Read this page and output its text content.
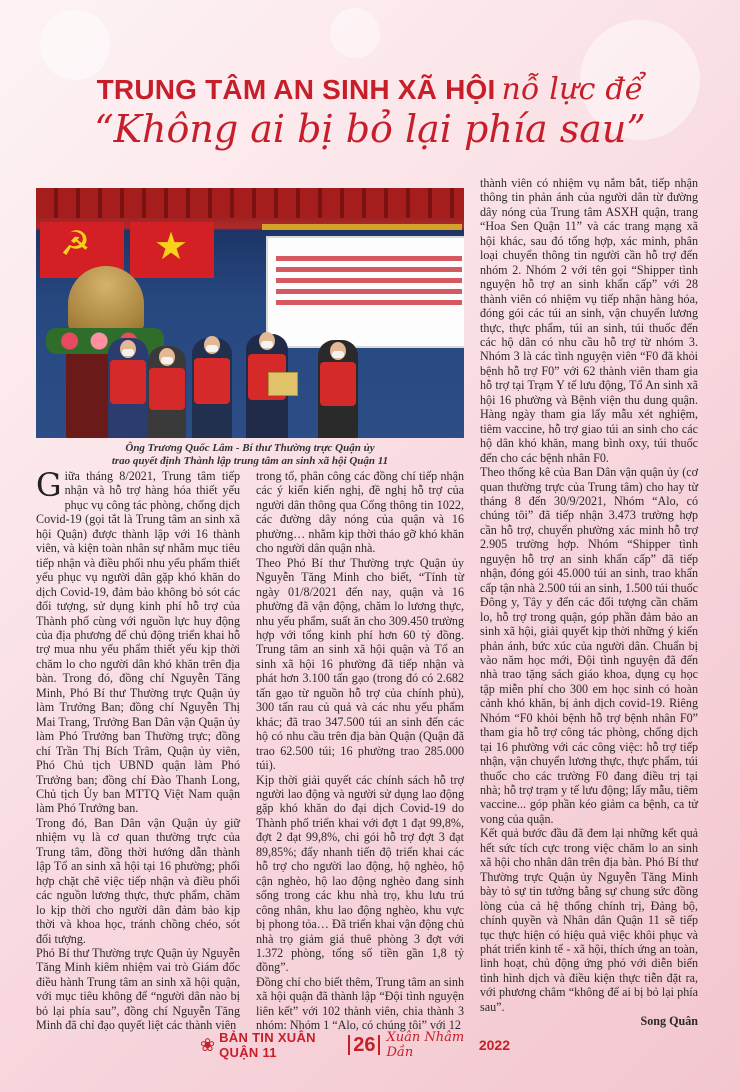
TRUNG TÂM AN SINH XÃ HỘI nỗ lực để
“Không ai bị bỏ lại phía sau”
☭ ★
Ông Trương Quốc Lâm - Bí thư Thường trực Quận ủy
trao quyết định Thành lập trung tâm an sinh xã hội Quận 11

Giữa tháng 8/2021, Trung tâm tiếp nhận và hỗ trợ hàng hóa thiết yếu phục vụ công tác phòng, chống dịch Covid-19 (gọi tắt là Trung tâm an sinh xã hội Quận) được thành lập với 16 thành viên, và kiện toàn nhân sự nhằm mục tiêu tiếp nhận và điều phối nhu yếu phẩm thiết yếu phục vụ người dân gặp khó khăn do dịch Covid-19, đảm bảo không bỏ sót các đối tượng, sử dụng kinh phí hỗ trợ của Thành phố cùng với nguồn lực huy động của địa phương để chủ động triển khai hỗ trợ mua nhu yếu phẩm thiết yếu kịp thời chăm lo cho người dân khó khăn trên địa bàn. Trong đó, đồng chí Nguyễn Tăng Minh, Phó Bí thư Thường trực Quận ủy làm Trưởng Ban; đồng chí Nguyễn Thị Mai Trang, Trưởng Ban Dân vận Quận ủy làm Phó Trưởng ban Thường trực; đồng chí Trần Thị Bích Trâm, Quận ủy viên, Phó Chủ tịch UBND quận làm Phó Trưởng ban; đồng chí Đào Thanh Long, Chủ tịch Ủy ban MTTQ Việt Nam quận làm Phó Trưởng ban.

Trong đó, Ban Dân vận Quận ủy giữ nhiệm vụ là cơ quan thường trực của Trung tâm, đồng thời hướng dẫn thành lập Tổ an sinh xã hội tại 16 phường; phối hợp chặt chẽ việc tiếp nhận và điều phối các nguồn lương thực, thực phẩm, chăm lo kịp thời cho người dân đảm bảo kịp thời và khoa học, tránh chồng chéo, sót đối tượng.

Phó Bí thư Thường trực Quận ủy Nguyễn Tăng Minh kiêm nhiệm vai trò Giám đốc điều hành Trung tâm an sinh xã hội quận, với mục tiêu không để “người dân nào bị bỏ lại phía sau”, đồng chí Nguyễn Tăng Minh đã chỉ đạo quyết liệt các thành viên

trong tổ, phân công các đồng chí tiếp nhận các ý kiến kiến nghị, đề nghị hỗ trợ của người dân thông qua Cổng thông tin 1022, các đường dây nóng của quận và 16 phường… nhằm kịp thời tháo gỡ khó khăn cho người dân quận nhà.

Theo Phó Bí thư Thường trực Quận ủy Nguyễn Tăng Minh cho biết, “Tính từ ngày 01/8/2021 đến nay, quận và 16 phường đã vận động, chăm lo lương thực, nhu yếu phẩm, suất ăn cho 309.450 trường hợp với tổng kinh phí hơn 60 tỷ đồng. Trung tâm an sinh xã hội quận và Tổ an sinh xã hội 16 phường đã tiếp nhận và phát hơn 3.100 tấn gạo (trong đó có 2.682 tấn gạo từ nguồn hỗ trợ của chính phủ), 300 tấn rau củ quả và các nhu yếu phẩm khác; đã trao 347.500 túi an sinh đến các hộ có nhu cầu trên địa bàn Quận (Quận đã trao 62.500 túi; 16 phường trao 285.000 túi).

Kịp thời giải quyết các chính sách hỗ trợ người lao động và người sử dụng lao động gặp khó khăn do đại dịch Covid-19 do Thành phố triển khai với đợt 1 đạt 99,8%, đợt 2 đạt 99,8%, chi gói hỗ trợ đợt 3 đạt 89,85%; đẩy nhanh tiến độ triển khai các hỗ trợ cho người lao động, hộ nghèo, hộ cận nghèo, hộ lao động nghèo đang sinh sống trong các khu nhà trọ, khu lưu trú công nhân, khu lao động nghèo, khu vực bị phong tỏa… Đã triển khai vận động chủ nhà trọ giảm giá thuê phòng 3 đợt với 1.372 phòng, tổng số tiền gần 1,8 tỷ đồng”.

Đồng chí cho biết thêm, Trung tâm an sinh xã hội quận đã thành lập “Đội tình nguyện liên kết” với 102 thành viên, chia thành 3 nhóm: Nhóm 1 “Alo, có chúng tôi” với 12

thành viên có nhiệm vụ nắm bắt, tiếp nhận thông tin phản ánh của người dân từ đường dây nóng của Trung tâm ASXH quận, trang “Hoa Sen Quận 11” và các trang mạng xã hội khác, sau đó tổng hợp, xác minh, phân loại chuyển thông tin người cần hỗ trợ đến nhóm 2. Nhóm 2 với tên gọi “Shipper tình nguyện hỗ trợ an sinh khẩn cấp” với 28 thành viên có nhiệm vụ tiếp nhận hàng hóa, đóng gói các túi an sinh, vận chuyển lương thực, thực phẩm, túi an sinh, túi thuốc đến các hộ dân có nhu cầu hỗ trợ từ nhóm 3. Nhóm 3 là các tình nguyện viên “F0 đã khỏi bệnh hỗ trợ F0” với 62 thành viên tham gia hỗ trợ tại Trạm Y tế lưu động, Tổ An sinh xã hội 16 phường và Bệnh viện thu dung quận. Hàng ngày tham gia lấy mẫu xét nghiệm, tiêm vaccine, hỗ trợ giao túi an sinh cho các hộ dân khó khăn, mang bình oxy, túi thuốc đến cho các bệnh nhân F0.

Theo thống kê của Ban Dân vận quận ủy (cơ quan thường trực của Trung tâm) cho hay từ tháng 8 đến 30/9/2021, Nhóm “Alo, có chúng tôi” đã tiếp nhận 3.473 trường hợp cần hỗ trợ, chuyển phường xác minh hỗ trợ 2.905 trường hợp. Nhóm “Shipper tình nguyện hỗ trợ an sinh khẩn cấp” đã tiếp nhận, đóng gói 45.000 túi an sinh, trao khẩn cấp tận nhà 2.500 túi an sinh, 1.500 túi thuốc Đông y, Tây y đến các đối tượng cần chăm lo, hỗ trợ trong quận, góp phần đảm bảo an sinh xã hội, giải quyết kịp thời những ý kiến phản ánh, bức xúc của người dân. Chuẩn bị vào năm học mới, Đội tình nguyện đã đến nhà trao tặng sách giáo khoa, dụng cụ học tập miễn phí cho 300 em học sinh có hoàn cảnh khó khăn, bị ảnh dịch covid-19. Riêng Nhóm “F0 khỏi bệnh hỗ trợ bệnh nhân F0” tham gia hỗ trợ công tác phòng, chống dịch tại 16 phường với các công việc: hỗ trợ tiếp nhận, vận chuyển lương thực, thực phẩm, túi thuốc cho các trường F0 đang điều trị tại nhà; hỗ trợ trạm y tế lưu động; lấy mẫu, tiêm vaccine... góp phần kéo giảm ca bệnh, ca tử vong của quận.

Kết quả bước đầu đã đem lại những kết quả hết sức tích cực trong việc chăm lo an sinh xã hội cho nhân dân trên địa bàn. Phó Bí thư Thường trực Quận ủy Nguyễn Tăng Minh bày tỏ sự tin tưởng bằng sự chung sức đồng lòng của cả hệ thống chính trị, Đảng bộ, chính quyền và Nhân dân Quận 11 sẽ tiếp tục thực hiện có hiệu quả việc khôi phục và phát triển kinh tế - xã hội, thích ứng an toàn, linh hoạt, chủ động ứng phó với diễn biến tình hình dịch và điều kiện thực tiễn đặt ra, với phương châm “không để ai bị bỏ lại phía sau”.

Song Quân

❀ BẢN TIN XUÂN QUẬN 11	26 Xuân Nhâm Dần	2022
